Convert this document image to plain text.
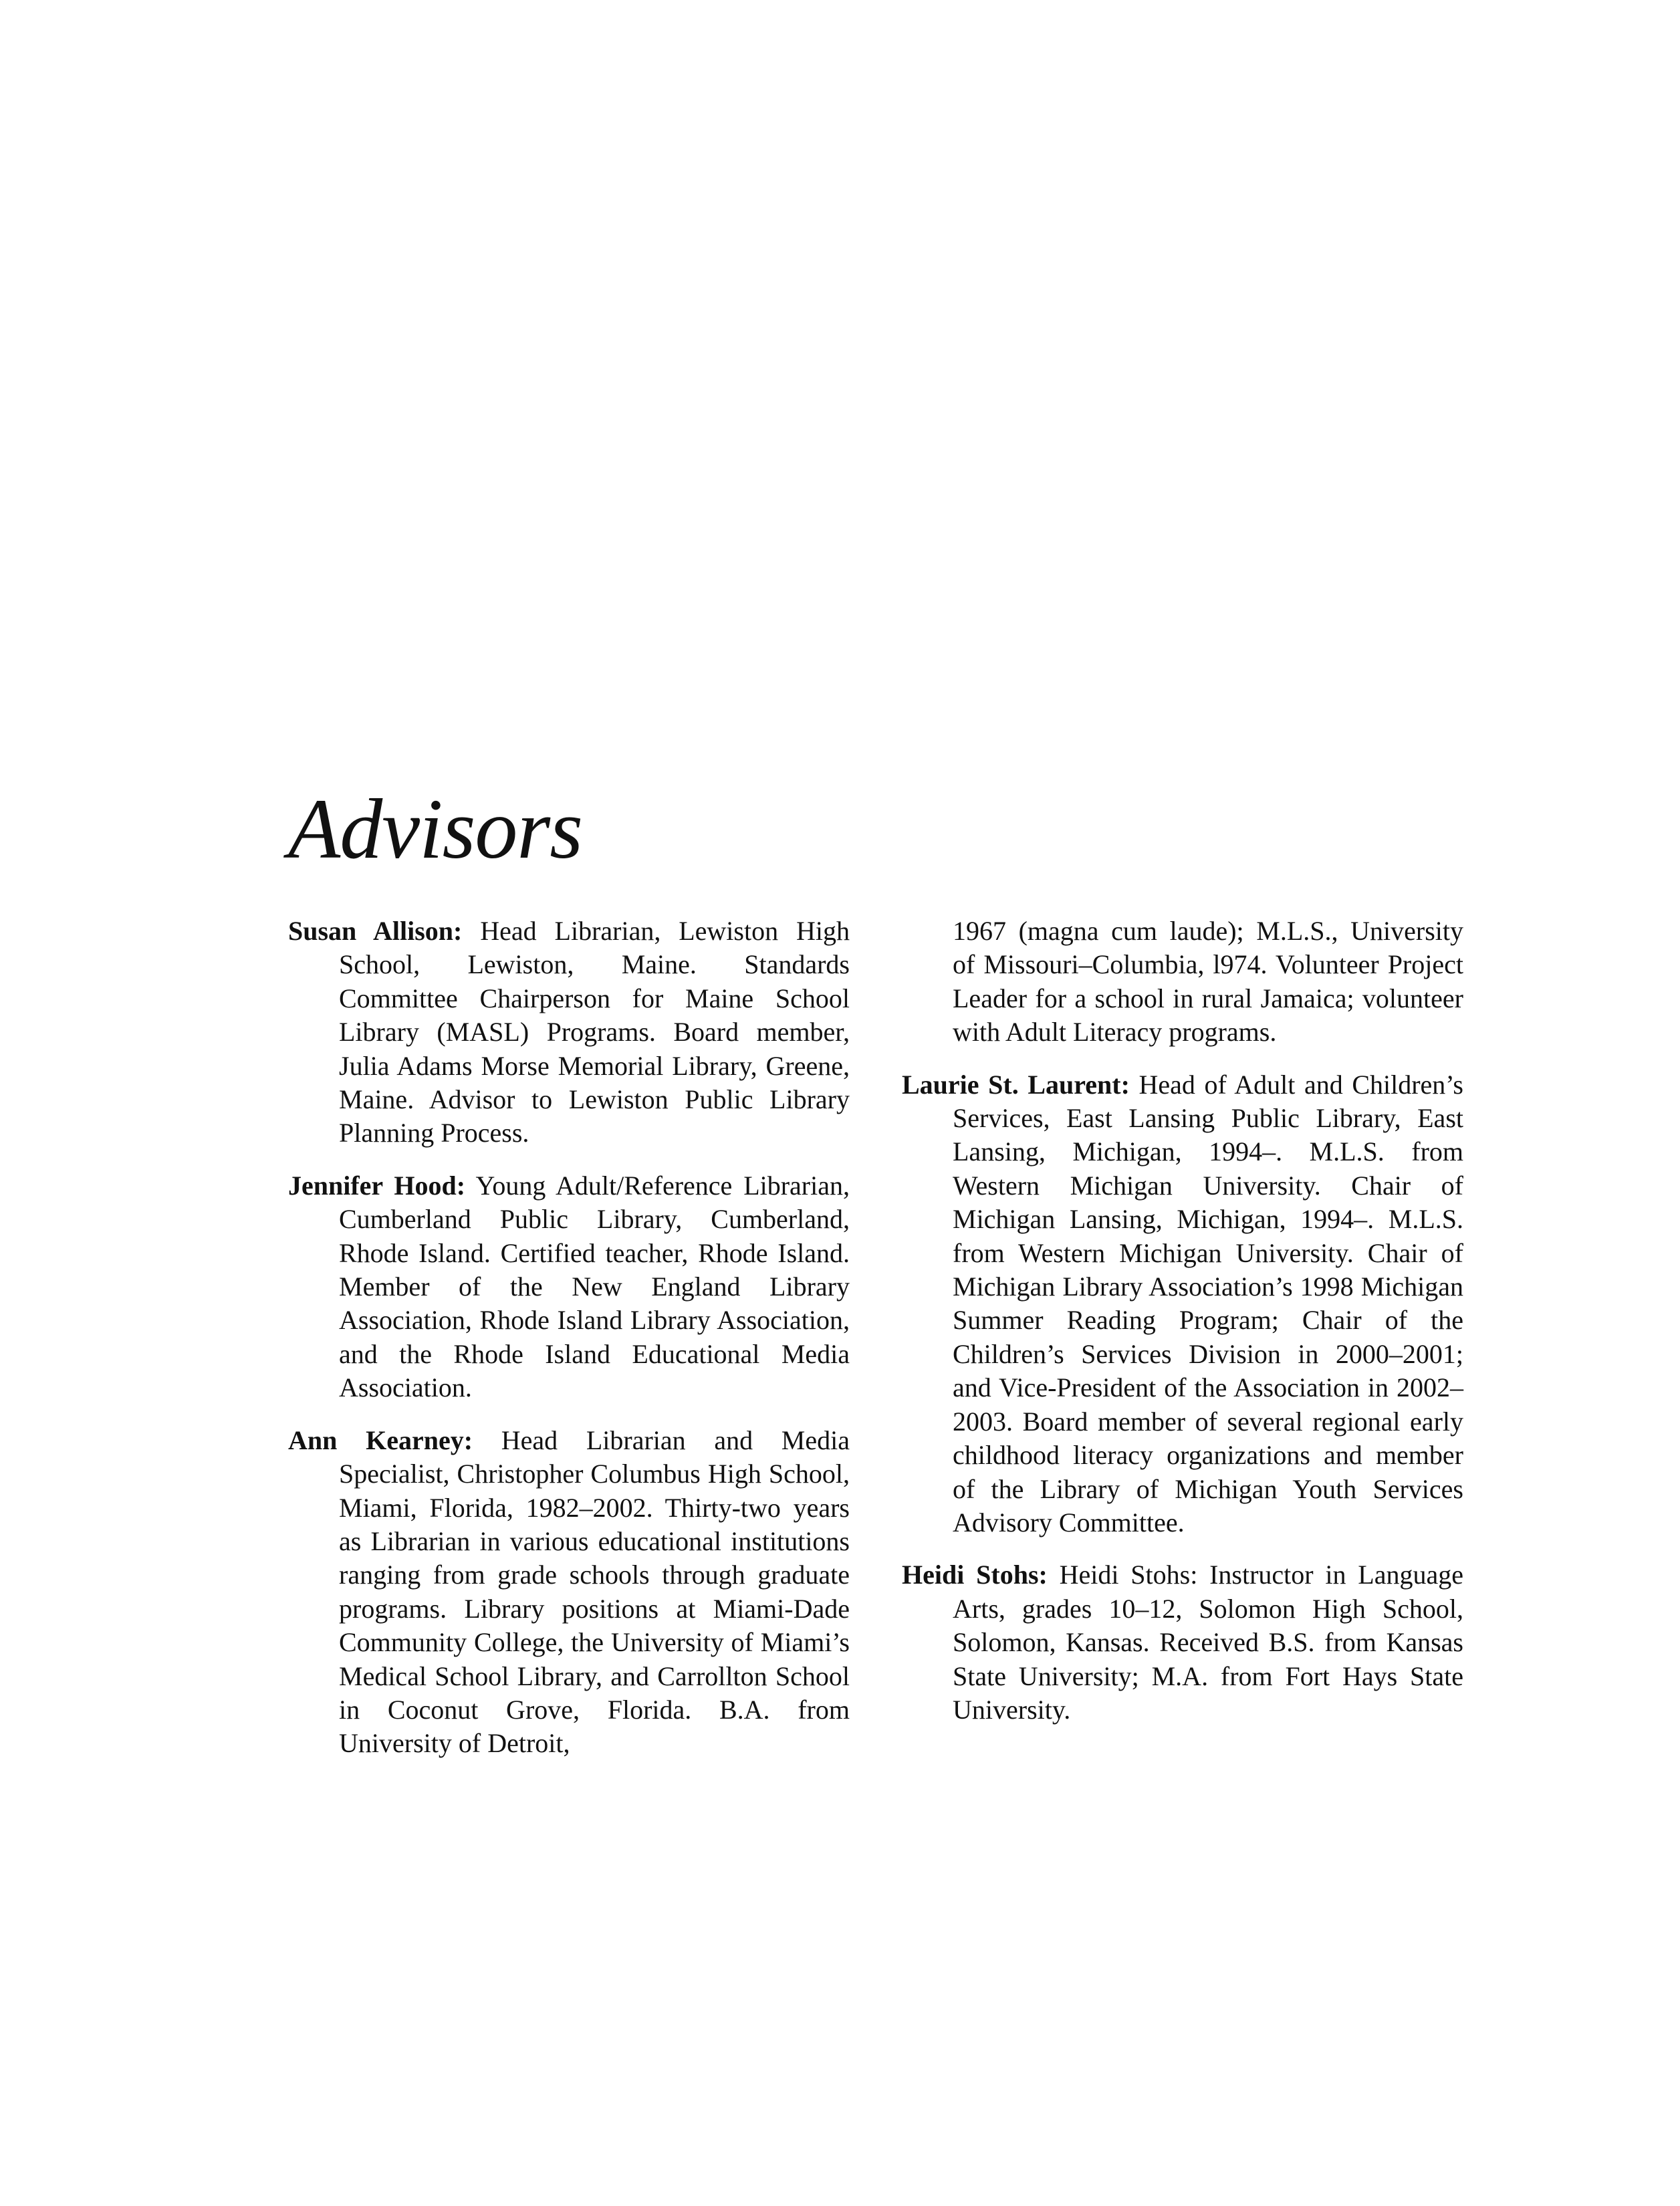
Advisors

Susan Allison: Head Librarian, Lewiston High School, Lewiston, Maine. Standards Committee Chairperson for Maine School Library (MASL) Programs. Board member, Julia Adams Morse Memorial Library, Greene, Maine. Advisor to Lewiston Public Library Planning Process.

Jennifer Hood: Young Adult/Reference Librarian, Cumberland Public Library, Cumberland, Rhode Island. Certified teacher, Rhode Island. Member of the New England Library Association, Rhode Island Library Association, and the Rhode Island Educational Media Association.

Ann Kearney: Head Librarian and Media Specialist, Christopher Columbus High School, Miami, Florida, 1982–2002. Thirty-two years as Librarian in various educational institutions ranging from grade schools through graduate programs. Library positions at Miami-Dade Community College, the University of Miami’s Medical School Library, and Carrollton School in Coconut Grove, Florida. B.A. from University of Detroit,

1967 (magna cum laude); M.L.S., University of Missouri–Columbia, l974. Volunteer Project Leader for a school in rural Jamaica; volunteer with Adult Literacy programs.

Laurie St. Laurent: Head of Adult and Children’s Services, East Lansing Public Library, East Lansing, Michigan, 1994–. M.L.S. from Western Michigan University. Chair of Michigan Lansing, Michigan, 1994–. M.L.S. from Western Michigan University. Chair of Michigan Library Association’s 1998 Michigan Summer Reading Program; Chair of the Children’s Services Division in 2000–2001; and Vice-President of the Association in 2002–2003. Board member of several regional early childhood literacy organizations and member of the Library of Michigan Youth Services Advisory Committee.

Heidi Stohs: Heidi Stohs: Instructor in Language Arts, grades 10–12, Solomon High School, Solomon, Kansas. Received B.S. from Kansas State University; M.A. from Fort Hays State University.
